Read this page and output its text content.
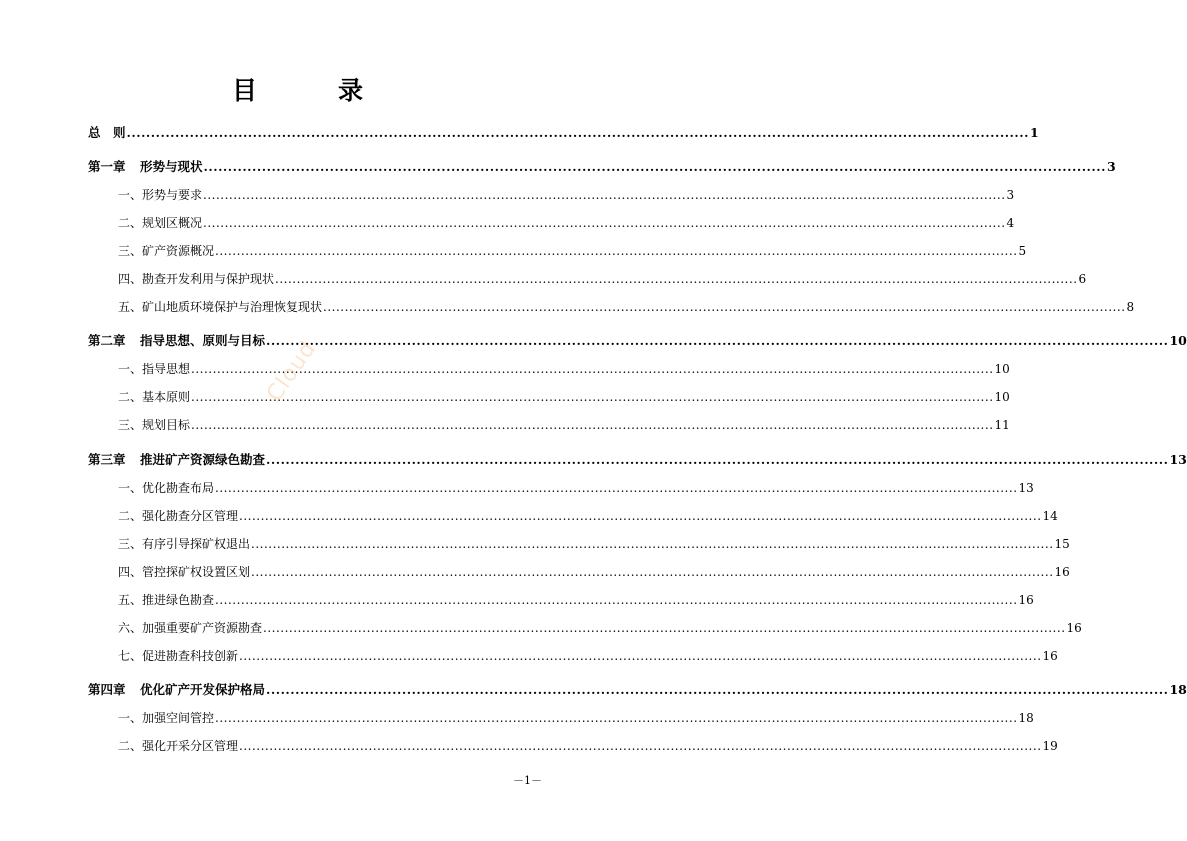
目　录
总　则 .......................................................................................................................................................................................... 1
第一章	形势与现状 .......................................................................................................................................................................................... 3
一、 形势与要求 .......................................................................................................................................................................................... 3
二、 规划区概况 .......................................................................................................................................................................................... 4
三、 矿产资源概况 .......................................................................................................................................................................................... 5
四、 勘查开发利用与保护现状 .......................................................................................................................................................................................... 6
五、 矿山地质环境保护与治理恢复现状 .......................................................................................................................................................................................... 8
第二章	指导思想、原则与目标 .......................................................................................................................................................................................... 10
一、 指导思想 .......................................................................................................................................................................................... 10
二、 基本原则 .......................................................................................................................................................................................... 10
三、 规划目标 .......................................................................................................................................................................................... 11
第三章	推进矿产资源绿色勘查 .......................................................................................................................................................................................... 13
一、 优化勘查布局 .......................................................................................................................................................................................... 13
二、 强化勘查分区管理 .......................................................................................................................................................................................... 14
三、 有序引导探矿权退出 .......................................................................................................................................................................................... 15
四、 管控探矿权设置区划 .......................................................................................................................................................................................... 16
五、 推进绿色勘查 .......................................................................................................................................................................................... 16
六、 加强重要矿产资源勘查 .......................................................................................................................................................................................... 16
七、 促进勘查科技创新 .......................................................................................................................................................................................... 16
第四章	优化矿产开发保护格局 .......................................................................................................................................................................................... 18
一、 加强空间管控 .......................................................................................................................................................................................... 18
二、 强化开采分区管理 .......................................................................................................................................................................................... 19
Cloud
－1－
